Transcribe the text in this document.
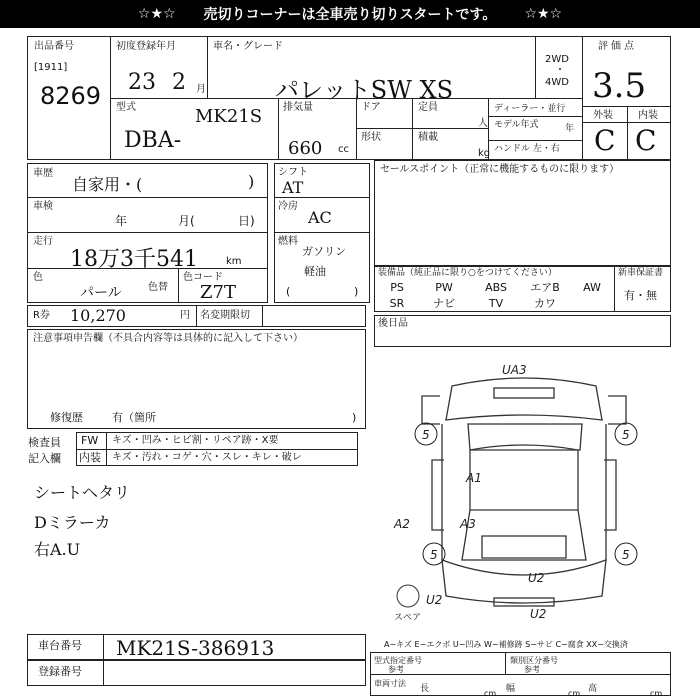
☆★☆ 売切りコーナーは全車売り切りスタートです。 ☆★☆
出品番号
[1911]
8269
初度登録年月
23 2 月
車名・グレード
パレットSW XS
2WD
・
4WD
評価点
3.5
外装	内装
C C
型式	MK21S
DBA-
排気量
660 cc
ドア
形状
定員
人
積載
kg
ディーラー・並行
モデル年式	年
ハンドル 左・右
車歴
自家用・(	)
車検
年	月(	日)
走行
18万3千541	km
色
パール	色替
色コード
Z7T
シフト
AT
冷房
AC
燃料
ガソリン
軽油
(	)
セールスポイント（正常に機能するものに限ります）
装備品（純正品に限り○をつけてください）	新車保証書
PS	PW	ABS	エアB	AW
SR	ナビ	TV	カワ
有・無
後日品
R券 10,270	円 名変期限切
注意事項申告欄（不具合内容等は具体的に記入して下さい）
修復歴	有（箇所	)
検査員
記入欄
FW キズ・凹み・ヒビ割・リペア跡・X要
内装 キズ・汚れ・コゲ・穴・スレ・キレ・破レ
シートヘタリ
Dミラーカ
右A.U
UA3
5	5
A1
A2	A3
5	5
U2
U2
U2
スペア
車台番号 MK21S-386913
登録番号
A−キズ E−エクボ U−凹み W−補修跡 S−サビ C−腐食 XX−交換済
型式指定番号	類別区分番号
参考	参考
車両寸法
長	cm 幅	cm 高	cm
